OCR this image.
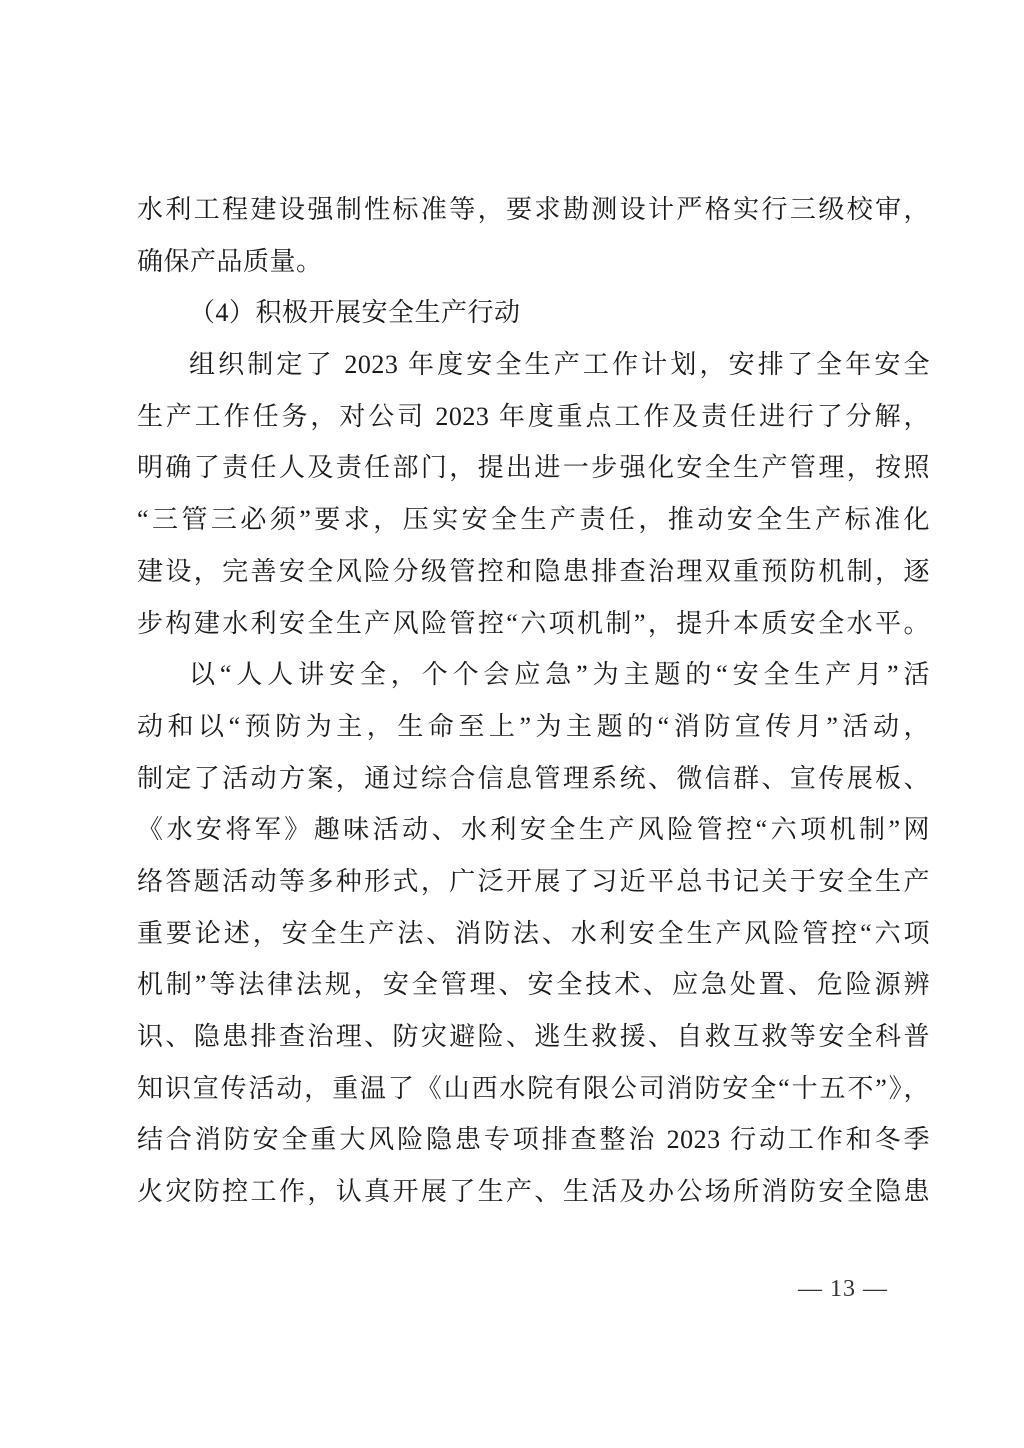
水利工程建设强制性标准等，要求勘测设计严格实行三级校审，
确保产品质量。
（4）积极开展安全生产行动
组织制定了 2023 年度安全生产工作计划，安排了全年安全
生产工作任务，对公司 2023 年度重点工作及责任进行了分解，
明确了责任人及责任部门，提出进一步强化安全生产管理，按照
“三管三必须”要求，压实安全生产责任，推动安全生产标准化
建设，完善安全风险分级管控和隐患排查治理双重预防机制，逐
步构建水利安全生产风险管控“六项机制”，提升本质安全水平。
以“人人讲安全，个个会应急”为主题的“安全生产月”活
动和以“预防为主，生命至上”为主题的“消防宣传月”活动，
制定了活动方案，通过综合信息管理系统、微信群、宣传展板、
《水安将军》趣味活动、水利安全生产风险管控“六项机制”网
络答题活动等多种形式，广泛开展了习近平总书记关于安全生产
重要论述，安全生产法、消防法、水利安全生产风险管控“六项
机制”等法律法规，安全管理、安全技术、应急处置、危险源辨
识、隐患排查治理、防灾避险、逃生救援、自救互救等安全科普
知识宣传活动，重温了《山西水院有限公司消防安全“十五不”》，
结合消防安全重大风险隐患专项排查整治 2023 行动工作和冬季
火灾防控工作，认真开展了生产、生活及办公场所消防安全隐患
— 13 —
